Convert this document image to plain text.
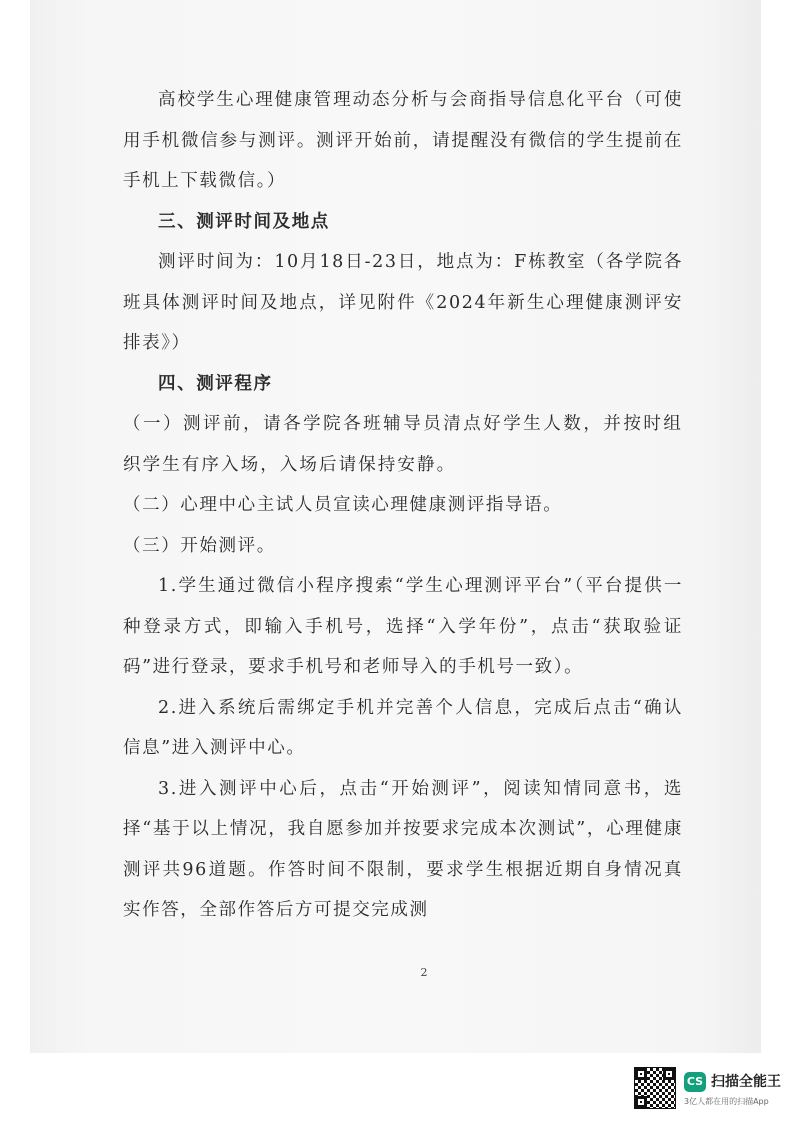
高校学生心理健康管理动态分析与会商指导信息化平台（可使用手机微信参与测评。测评开始前，请提醒没有微信的学生提前在手机上下载微信。）

三、测评时间及地点

测评时间为：10月18日-23日，地点为：F栋教室（各学院各班具体测评时间及地点，详见附件《2024年新生心理健康测评安排表》）

四、测评程序

（一）测评前，请各学院各班辅导员清点好学生人数，并按时组织学生有序入场，入场后请保持安静。

（二）心理中心主试人员宣读心理健康测评指导语。

（三）开始测评。

1.学生通过微信小程序搜索“学生心理测评平台”（平台提供一种登录方式，即输入手机号，选择“入学年份”，点击“获取验证码”进行登录，要求手机号和老师导入的手机号一致）。

2.进入系统后需绑定手机并完善个人信息，完成后点击“确认信息”进入测评中心。

3.进入测评中心后，点击“开始测评”，阅读知情同意书，选择“基于以上情况，我自愿参加并按要求完成本次测试”，心理健康测评共96道题。作答时间不限制，要求学生根据近期自身情况真实作答，全部作答后方可提交完成测

2
CS 扫描全能王
3亿人都在用的扫描App
